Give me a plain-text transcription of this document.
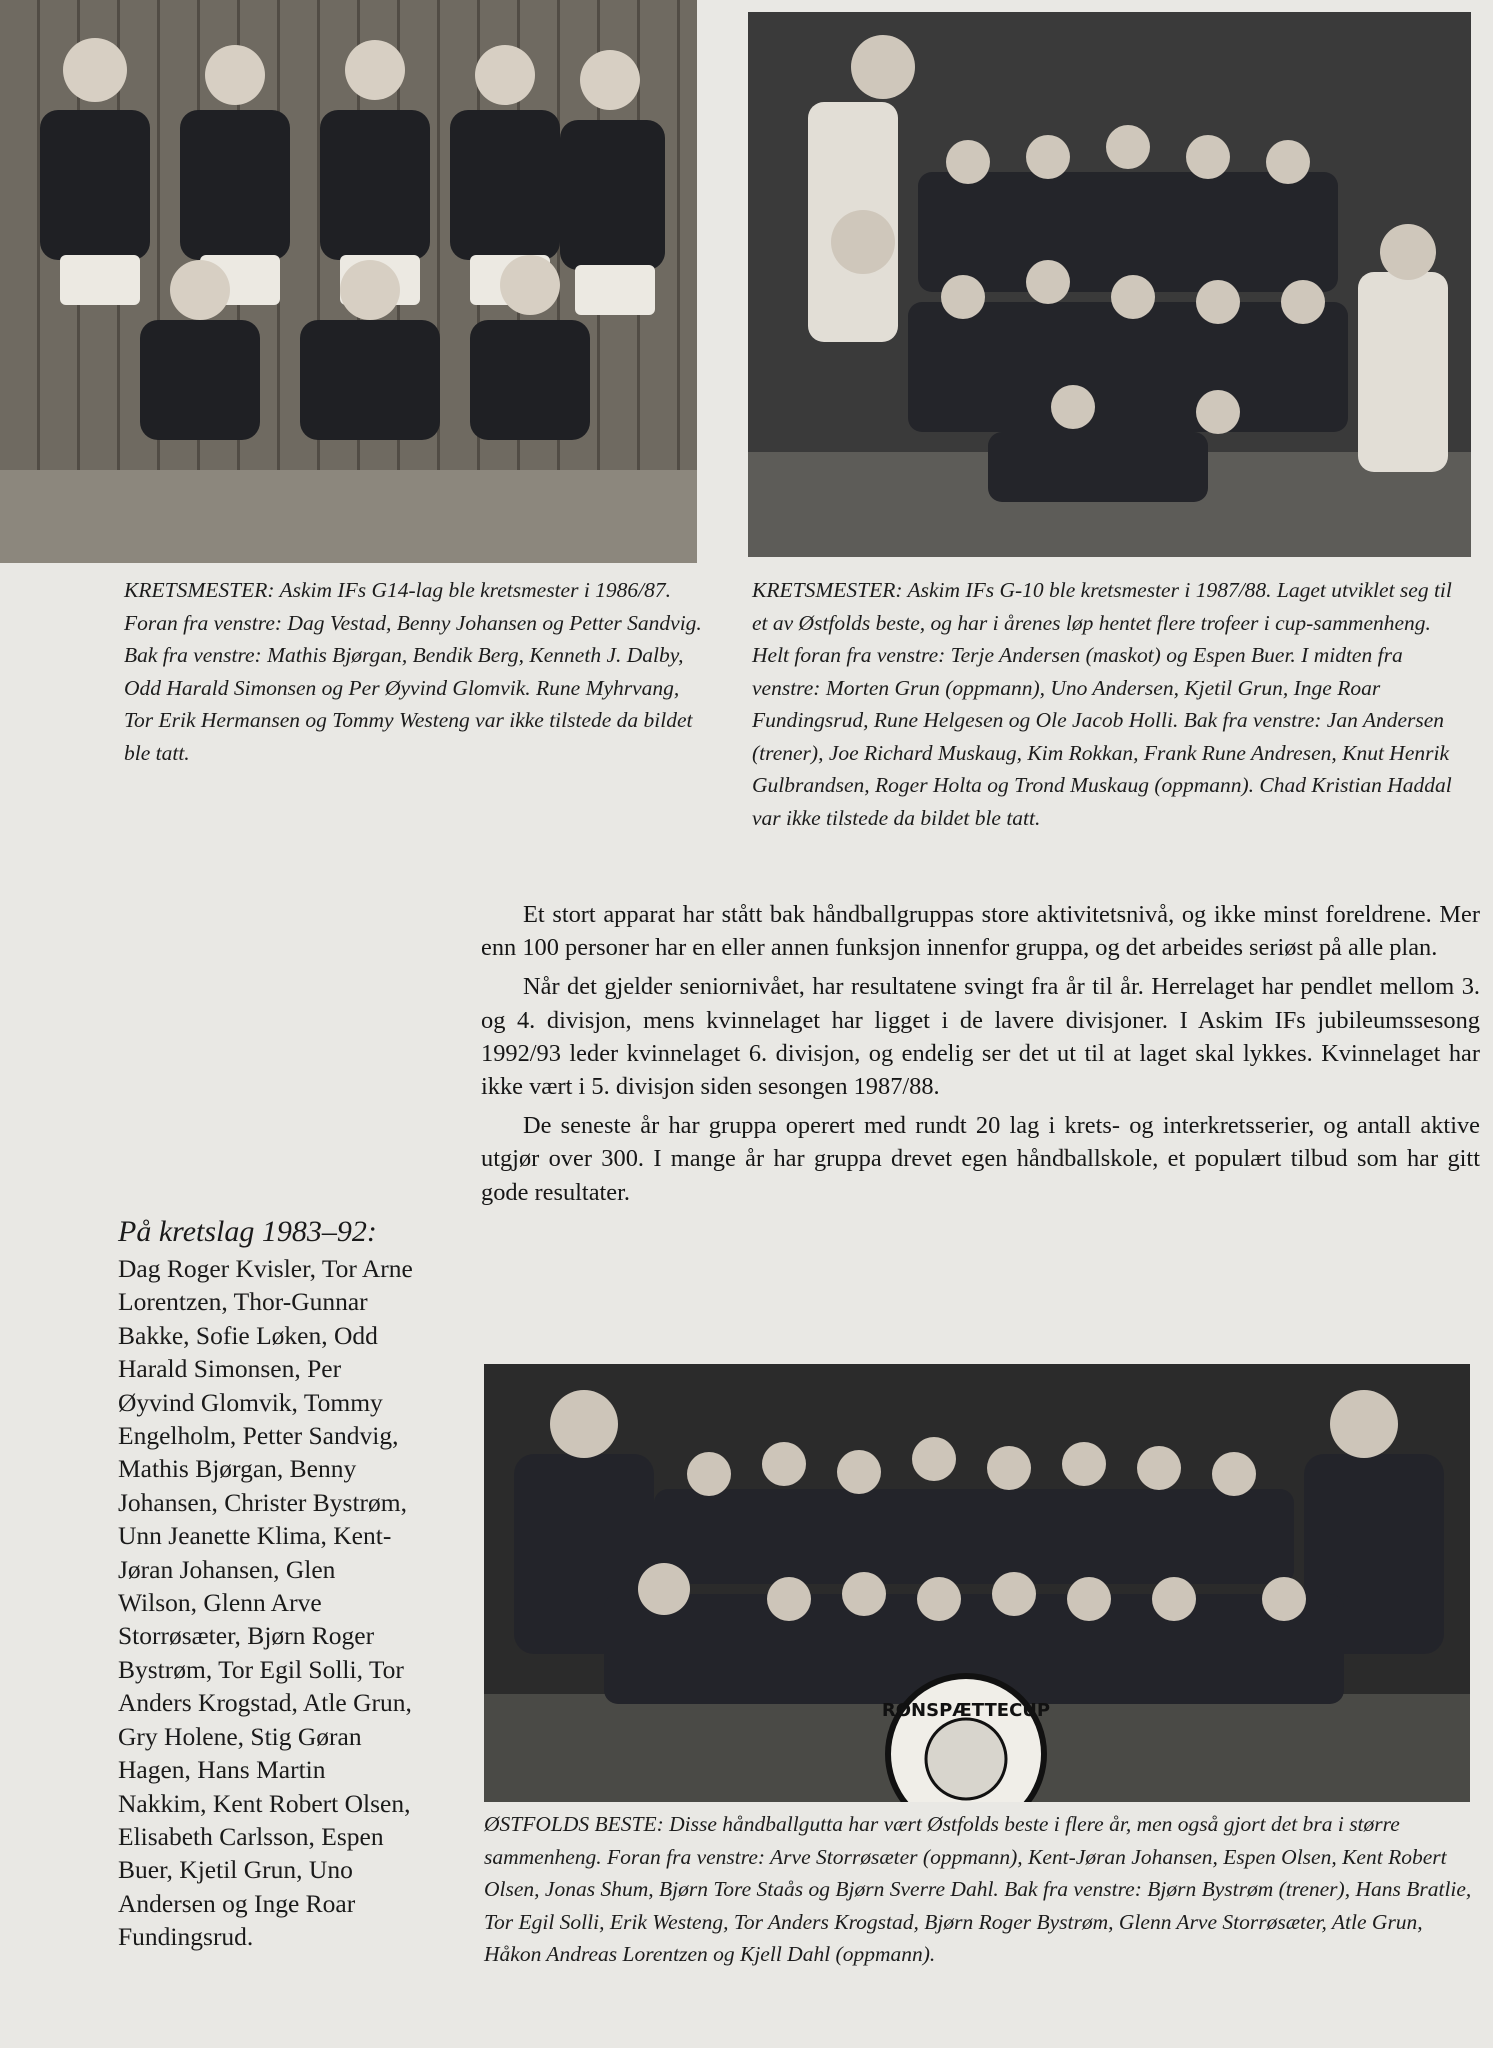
KRETSMESTER: Askim IFs G14-lag ble kretsmester i 1986/87. Foran fra venstre: Dag Vestad, Benny Johansen og Petter Sandvig. Bak fra venstre: Mathis Bjørgan, Bendik Berg, Kenneth J. Dalby, Odd Harald Simonsen og Per Øyvind Glomvik. Rune Myhrvang, Tor Erik Hermansen og Tommy Westeng var ikke tilstede da bildet ble tatt.

KRETSMESTER: Askim IFs G-10 ble kretsmester i 1987/88. Laget utviklet seg til et av Østfolds beste, og har i årenes løp hentet flere trofeer i cup-sammenheng. Helt foran fra venstre: Terje Andersen (maskot) og Espen Buer. I midten fra venstre: Morten Grun (oppmann), Uno Andersen, Kjetil Grun, Inge Roar Fundingsrud, Rune Helgesen og Ole Jacob Holli. Bak fra venstre: Jan Andersen (trener), Joe Richard Muskaug, Kim Rokkan, Frank Rune Andresen, Knut Henrik Gulbrandsen, Roger Holta og Trond Muskaug (oppmann). Chad Kristian Haddal var ikke tilstede da bildet ble tatt.

Et stort apparat har stått bak håndballgruppas store aktivitetsnivå, og ikke minst foreldrene. Mer enn 100 personer har en eller annen funksjon innenfor gruppa, og det arbeides seriøst på alle plan.

Når det gjelder seniornivået, har resultatene svingt fra år til år. Herrelaget har pendlet mellom 3. og 4. divisjon, mens kvinnelaget har ligget i de lavere divisjoner. I Askim IFs jubileumssesong 1992/93 leder kvinnelaget 6. divisjon, og endelig ser det ut til at laget skal lykkes. Kvinnelaget har ikke vært i 5. divisjon siden sesongen 1987/88.

De seneste år har gruppa operert med rundt 20 lag i krets- og interkretsserier, og antall aktive utgjør over 300. I mange år har gruppa drevet egen håndballskole, et populært tilbud som har gitt gode resultater.

På kretslag 1983–92:

Dag Roger Kvisler, Tor Arne Lorentzen, Thor-Gunnar Bakke, Sofie Løken, Odd Harald Simonsen, Per Øyvind Glomvik, Tommy Engelholm, Petter Sandvig, Mathis Bjørgan, Benny Johansen, Christer Bystrøm, Unn Jeanette Klima, Kent-Jøran Johansen, Glen Wilson, Glenn Arve Storrøsæter, Bjørn Roger Bystrøm, Tor Egil Solli, Tor Anders Krogstad, Atle Grun, Gry Holene, Stig Gøran Hagen, Hans Martin Nakkim, Kent Robert Olsen, Elisabeth Carlsson, Espen Buer, Kjetil Grun, Uno Andersen og Inge Roar Fundingsrud.

RONSPÆTTECUP

ØSTFOLDS BESTE: Disse håndballgutta har vært Østfolds beste i flere år, men også gjort det bra i større sammenheng. Foran fra venstre: Arve Storrøsæter (oppmann), Kent-Jøran Johansen, Espen Olsen, Kent Robert Olsen, Jonas Shum, Bjørn Tore Staås og Bjørn Sverre Dahl. Bak fra venstre: Bjørn Bystrøm (trener), Hans Bratlie, Tor Egil Solli, Erik Westeng, Tor Anders Krogstad, Bjørn Roger Bystrøm, Glenn Arve Storrøsæter, Atle Grun, Håkon Andreas Lorentzen og Kjell Dahl (oppmann).
